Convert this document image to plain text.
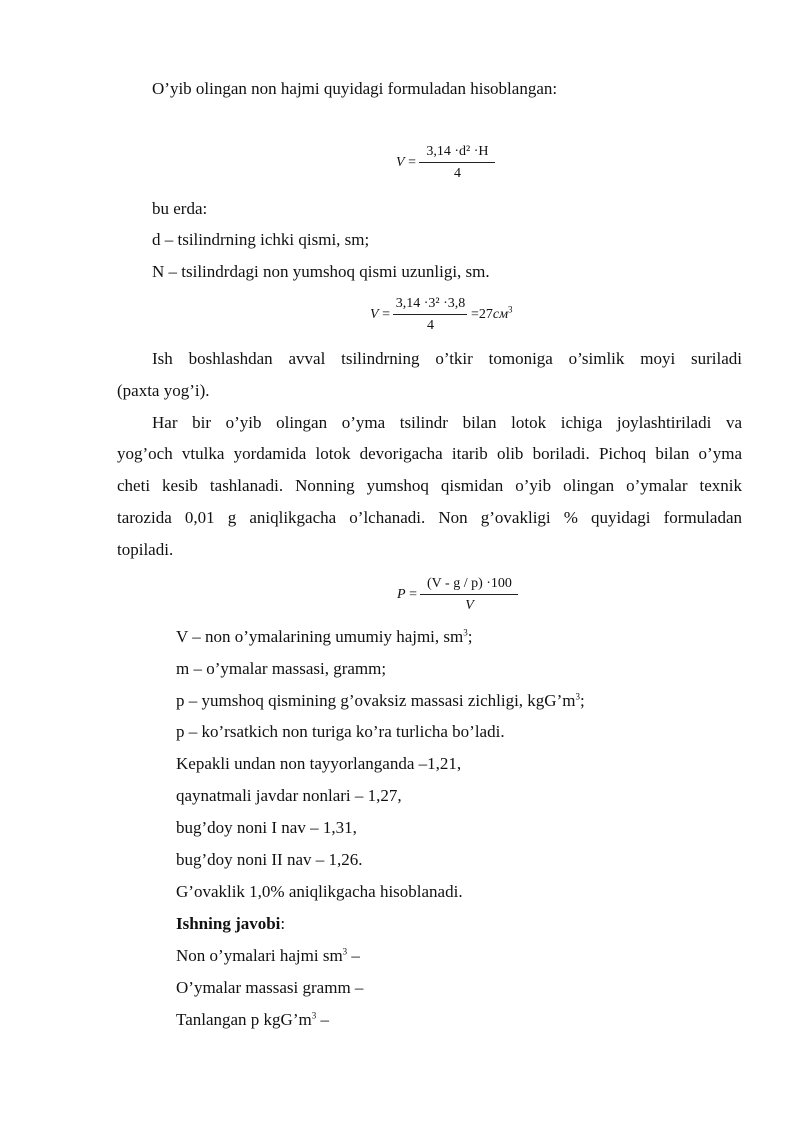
O’yib olingan non hajmi quyidagi formuladan hisoblangan:
$V = \frac{\text{3,14 ·d² ·H}}{4}$
bu erda:
d – tsilindrning ichki qismi, sm;
N – tsilindrdagi non yumshoq qismi uzunligi, sm.
$V = \frac{\text{3,14 ·3² ·3,8}}{4} =27см^3$
Ish boshlashdan avval tsilindrning o’tkir tomoniga o’simlik moyi suriladi
(paxta yog’i).
Har bir o’yib olingan o’yma tsilindr bilan lotok ichiga joylashtiriladi va
yog’och vtulka yordamida lotok devorigacha itarib olib boriladi. Pichoq bilan o’yma
cheti kesib tashlanadi. Nonning yumshoq qismidan o’yib olingan o’ymalar texnik
tarozida 0,01 g aniqlikgacha o’lchanadi. Non g’ovakligi % quyidagi formuladan
topiladi.
$P = \frac{(V - g / p) \cdot 100}{V}$
V – non o’ymalarining umumiy hajmi, $sm^3$;
m – o’ymalar massasi, gramm;
p – yumshoq qismining g’ovaksiz massasi zichligi, $kgG’m^3$;
p – ko’rsatkich non turiga ko’ra turlicha bo’ladi.
Kepakli undan non tayyorlanganda –1,21,
qaynatmali javdar nonlari – 1,27,
bug’doy noni I nav – 1,31,
bug’doy noni II nav – 1,26.
G’ovaklik 1,0% aniqlikgacha hisoblanadi.
Ishning javobi:
Non o’ymalari hajmi $sm^3$ –
O’ymalar massasi gramm –
Tanlangan p $kgG’m^3$ –
